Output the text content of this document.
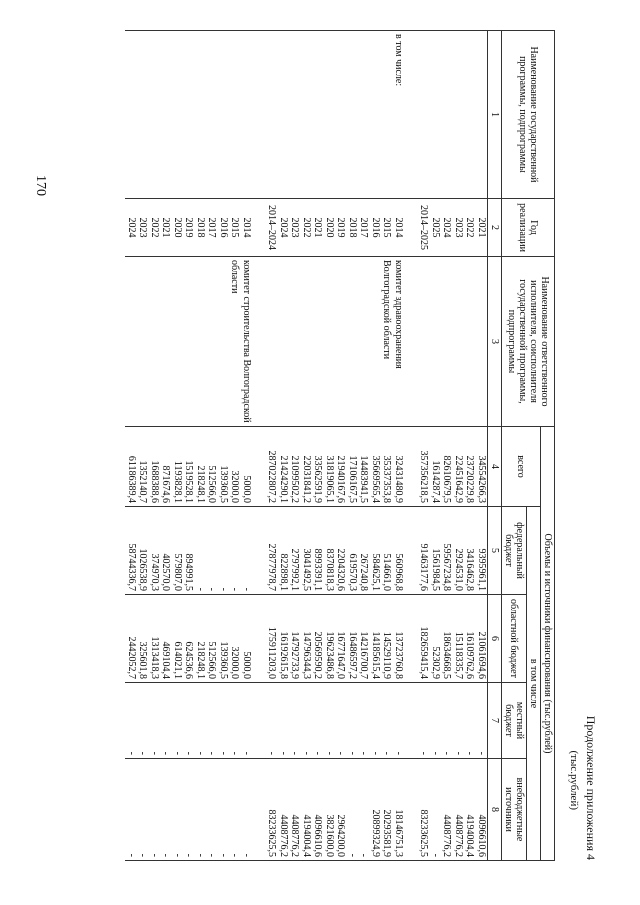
170
Продолжение приложения 4
(тыс.рублей)
Наименование государственной программы, подпрограммы	Год реализации	Наименование ответственного исполнителя, соисполнителя государственной программы, подпрограммы	Объемы и источники финансирования (тыс.рублей)				
			всего	в том числе			
				федеральный бюджет	областной бюджет	местный бюджет	внебюджетные источники
1	2	3	4	5	6	7	8
	2021		34554266,3	9395961,1	21061694,6	-	4096610,6
	2022		23720229,8	3416462,8	16109762,6	-	4194004,4
	2023		22451642,9	2924531,0	15118335,7	-	4408776,2
	2024		82610679,5	59567234,8	18634668,5	-	4408776,2
	2025		1614287,4	1561984,5	52302,9	-	-
	2014–2025		357356218,5	91463177,6	182659415,4	-	83233625,5

в том числе:	2014	комитет здравоохранения Волгоградской области	32431480,9	560968,8	13723760,8	-	18146751,3
	2015		35337353,8	514661,0	14529110,9	-	20293581,9
	2016		35669565,4	584625,1	14185615,4	-	20899324,9
	2017		14483941,5	267240,8	14216700,7	-	-
	2018		17106167,5	619570,3	16486597,2	-	-
	2019		21940167,6	2204320,6	16771647,0	-	2964200,0
	2020		31819065,1	8370818,3	19623486,8	-	3821600,0
	2021		33562591,9	8993391,1	20569590,2	-	4096610,6
	2022		22031841,2	3041492,5	14796344,3	-	4194004,4
	2023		21099502,2	2797992,1	14792733,9	-	4408776,2
	2024		21424290,1	822898,1	16192615,8	-	4408776,2
	2014–2024		287022807,2	27877978,7	175911203,0	-	83233625,5

	2014	комитет строительства Волгоградской области	5000,0	-	5000,0	-	-
	2015		32000,0	-	32000,0	-	-
	2016		139360,5	-	139360,5	-	-
	2017		512566,0	-	512566,0	-	-
	2018		218248,1	-	218248,1	-	-
	2019		1519528,1	894991,5	624536,6	-	-
	2020		1193828,1	579807,0	614021,1	-	-
	2021		871674,6	402570,0	469104,4	-	-
	2022		1688388,6	374970,3	1313418,3	-	-
	2023		1352140,7	1026538,9	325601,8	-	-
	2024		61186389,4	58744336,7	2442052,7	-	-
